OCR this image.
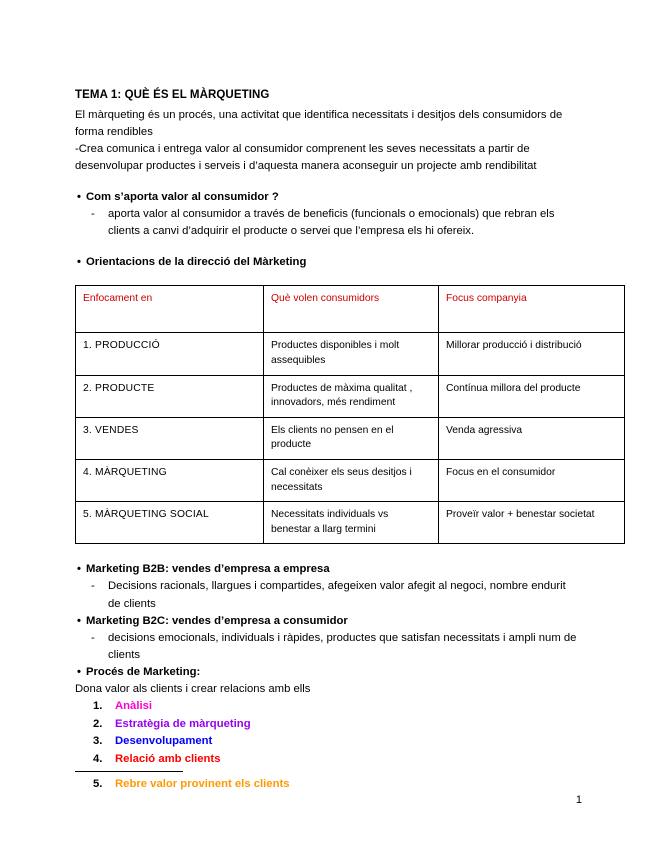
TEMA 1: QUÈ ÉS EL MÀRQUETING

El màrqueting és un procés, una activitat que identifica necessitats i desitjos dels consumidors de forma rendibles

-Crea comunica i entrega valor al consumidor comprenent les seves necessitats a partir de desenvolupar productes i serveis i d’aquesta manera aconseguir un projecte amb rendibilitat

• Com s’aporta valor al consumidor ?

- aporta valor al consumidor a través de beneficis (funcionals o emocionals) que rebran els clients a canvi d’adquirir el producte o servei que l’empresa els hi ofereix.

• Orientacions de la direcció del Màrketing
Enfocament en	Què volen consumidors	Focus companyia
1. PRODUCCIÓ	Productes disponibles i molt assequibles	Millorar producció i distribució
2. PRODUCTE	Productes de màxima qualitat , innovadors, més rendiment	Contínua millora del producte
3. VENDES	Els clients no pensen en el producte	Venda agressiva
4. MÀRQUETING	Cal conèixer els seus desitjos i necessitats	Focus en el consumidor
5. MÀRQUETING SOCIAL	Necessitats individuals vs benestar a llarg termini	Proveïr valor + benestar societat
• Marketing B2B: vendes d’empresa a empresa

- Decisions racionals, llargues i compartides, afegeixen valor afegit al negoci, nombre endurit de clients

• Marketing B2C: vendes d’empresa a consumidor

- decisions emocionals, individuals i ràpides, productes que satisfan necessitats i ampli num de clients

• Procés de Marketing:

Dona valor als clients i crear relacions amb ells

1. Anàlisi
2. Estratègia de màrqueting
3. Desenvolupament
4. Relació amb clients
5. Rebre valor provinent els clients
1
